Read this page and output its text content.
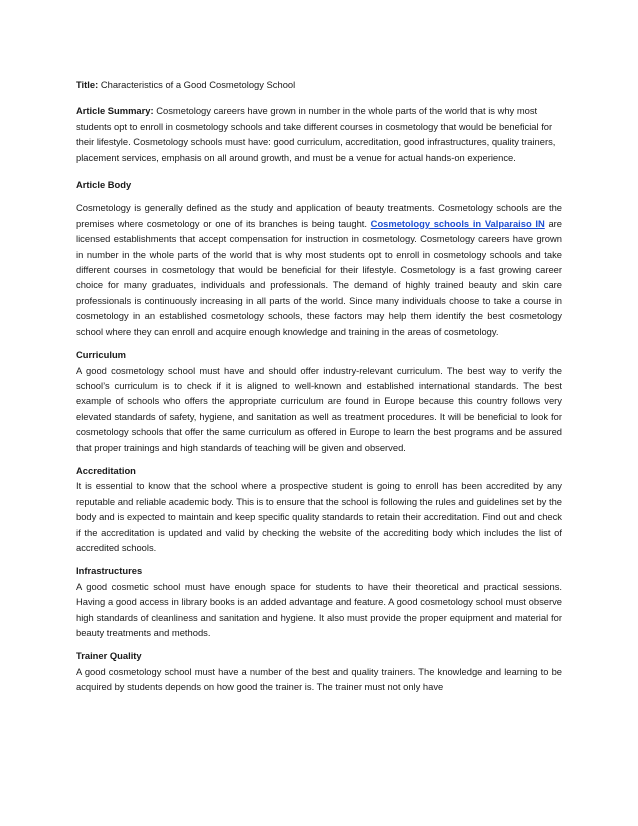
Title: Characteristics of a Good Cosmetology School

Article Summary: Cosmetology careers have grown in number in the whole parts of the world that is why most students opt to enroll in cosmetology schools and take different courses in cosmetology that would be beneficial for their lifestyle. Cosmetology schools must have: good curriculum, accreditation, good infrastructures, quality trainers, placement services, emphasis on all around growth, and must be a venue for actual hands-on experience.

Article Body

Cosmetology is generally defined as the study and application of beauty treatments. Cosmetology schools are the premises where cosmetology or one of its branches is being taught. Cosmetology schools in Valparaiso IN are licensed establishments that accept compensation for instruction in cosmetology. Cosmetology careers have grown in number in the whole parts of the world that is why most students opt to enroll in cosmetology schools and take different courses in cosmetology that would be beneficial for their lifestyle. Cosmetology is a fast growing career choice for many graduates, individuals and professionals. The demand of highly trained beauty and skin care professionals is continuously increasing in all parts of the world. Since many individuals choose to take a course in cosmetology in an established cosmetology schools, these factors may help them identify the best cosmetology school where they can enroll and acquire enough knowledge and training in the areas of cosmetology.

Curriculum

A good cosmetology school must have and should offer industry-relevant curriculum. The best way to verify the school’s curriculum is to check if it is aligned to well-known and established international standards. The best example of schools who offers the appropriate curriculum are found in Europe because this country follows very elevated standards of safety, hygiene, and sanitation as well as treatment procedures. It will be beneficial to look for cosmetology schools that offer the same curriculum as offered in Europe to learn the best programs and be assured that proper trainings and high standards of teaching will be given and observed.

Accreditation

It is essential to know that the school where a prospective student is going to enroll has been accredited by any reputable and reliable academic body. This is to ensure that the school is following the rules and guidelines set by the body and is expected to maintain and keep specific quality standards to retain their accreditation. Find out and check if the accreditation is updated and valid by checking the website of the accrediting body which includes the list of accredited schools.

Infrastructures

A good cosmetic school must have enough space for students to have their theoretical and practical sessions. Having a good access in library books is an added advantage and feature. A good cosmetology school must observe high standards of cleanliness and sanitation and hygiene. It also must provide the proper equipment and material for beauty treatments and methods.

Trainer Quality

A good cosmetology school must have a number of the best and quality trainers. The knowledge and learning to be acquired by students depends on how good the trainer is. The trainer must not only have
